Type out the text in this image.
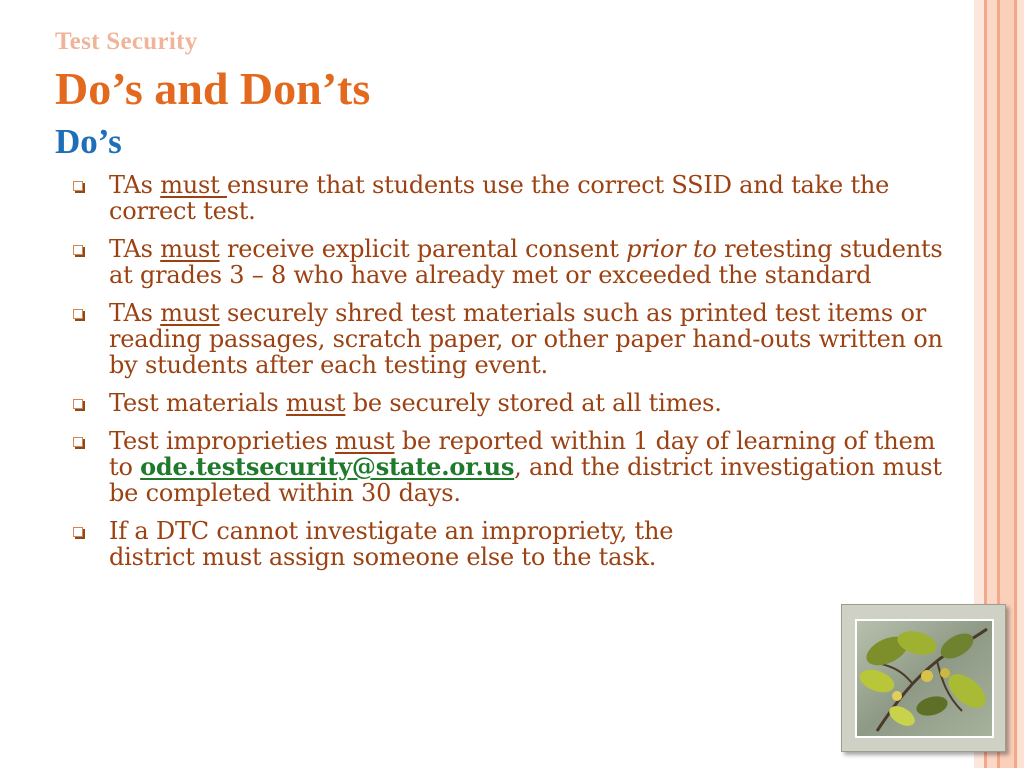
Test Security
Do’s and Don’ts
Do’s
TAs must ensure that students use the correct SSID and take the correct test.
TAs must receive explicit parental consent prior to retesting students at grades 3 – 8 who have already met or exceeded the standard
TAs must securely shred test materials such as printed test items or reading passages, scratch paper, or other paper hand-outs written on by students after each testing event.
Test materials must be securely stored at all times.
Test improprieties must be reported within 1 day of learning of them to ode.testsecurity@state.or.us, and the district investigation must be completed within 30 days.
If a DTC cannot investigate an impropriety, the district must assign someone else to the task.
